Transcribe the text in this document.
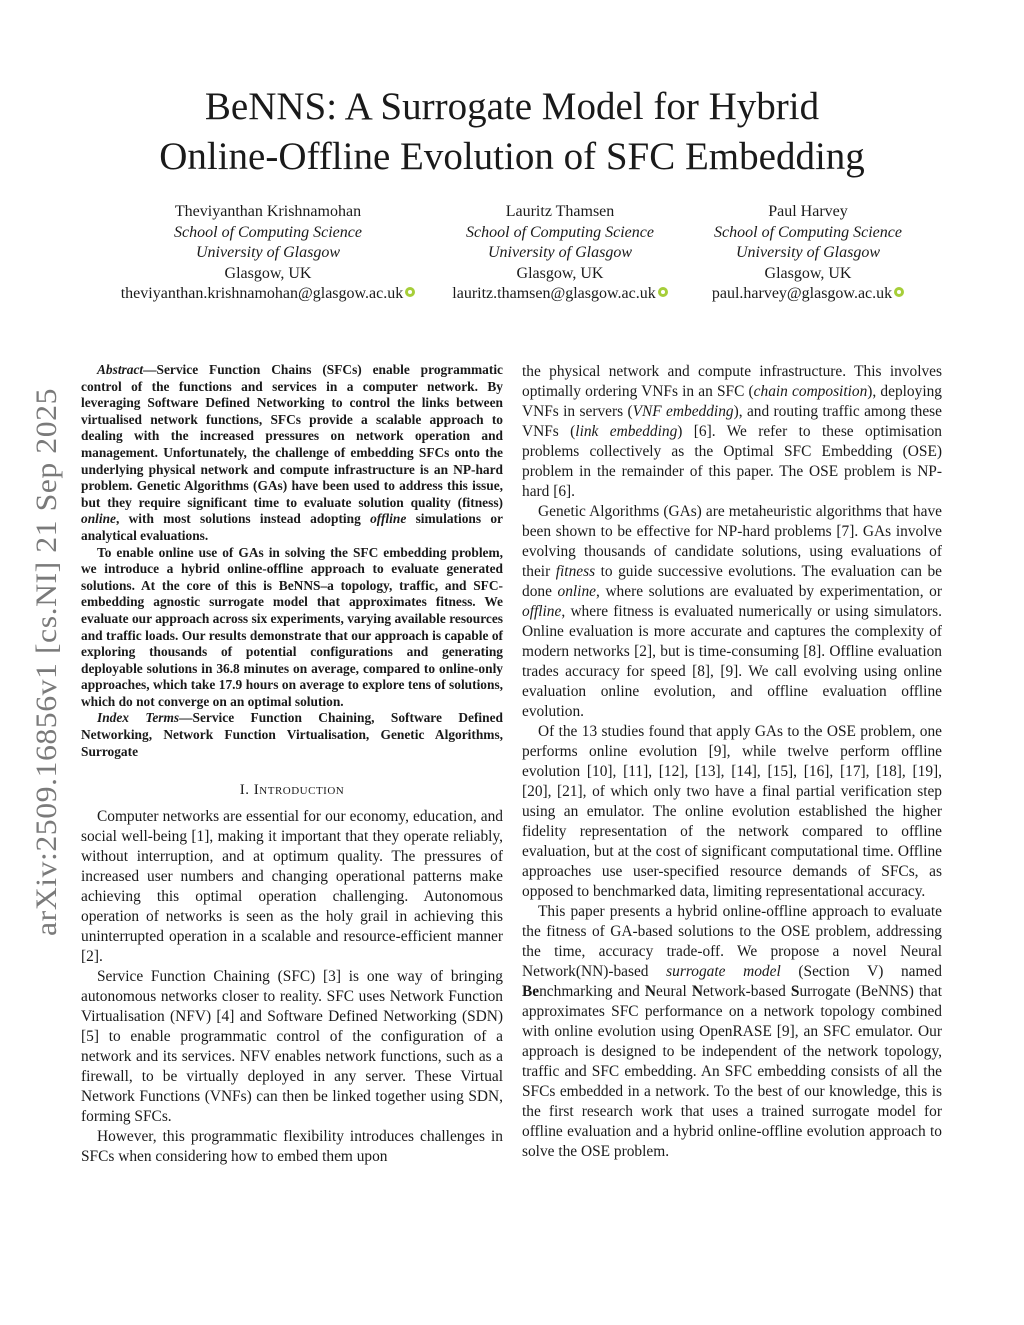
arXiv:2509.16856v1 [cs.NI] 21 Sep 2025
BeNNS: A Surrogate Model for Hybrid
Online-Offline Evolution of SFC Embedding
Theviyanthan Krishnamohan
School of Computing Science
University of Glasgow
Glasgow, UK
theviyanthan.krishnamohan@glasgow.ac.uk
Lauritz Thamsen
School of Computing Science
University of Glasgow
Glasgow, UK
lauritz.thamsen@glasgow.ac.uk
Paul Harvey
School of Computing Science
University of Glasgow
Glasgow, UK
paul.harvey@glasgow.ac.uk

Abstract—Service Function Chains (SFCs) enable programmatic control of the functions and services in a computer network. By leveraging Software Defined Networking to control the links between virtualised network functions, SFCs provide a scalable approach to dealing with the increased pressures on network operation and management. Unfortunately, the challenge of embedding SFCs onto the underlying physical network and compute infrastructure is an NP-hard problem. Genetic Algorithms (GAs) have been used to address this issue, but they require significant time to evaluate solution quality (fitness) online, with most solutions instead adopting offline simulations or analytical evaluations.

To enable online use of GAs in solving the SFC embedding problem, we introduce a hybrid online-offline approach to evaluate generated solutions. At the core of this is BeNNS–a topology, traffic, and SFC-embedding agnostic surrogate model that approximates fitness. We evaluate our approach across six experiments, varying available resources and traffic loads. Our results demonstrate that our approach is capable of exploring thousands of potential configurations and generating deployable solutions in 36.8 minutes on average, compared to online-only approaches, which take 17.9 hours on average to explore tens of solutions, which do not converge on an optimal solution.

Index Terms—Service Function Chaining, Software Defined Networking, Network Function Virtualisation, Genetic Algorithms, Surrogate

I. Introduction

Computer networks are essential for our economy, education, and social well-being [1], making it important that they operate reliably, without interruption, and at optimum quality. The pressures of increased user numbers and changing operational patterns make achieving this optimal operation challenging. Autonomous operation of networks is seen as the holy grail in achieving this uninterrupted operation in a scalable and resource-efficient manner [2].

Service Function Chaining (SFC) [3] is one way of bringing autonomous networks closer to reality. SFC uses Network Function Virtualisation (NFV) [4] and Software Defined Networking (SDN) [5] to enable programmatic control of the configuration of a network and its services. NFV enables network functions, such as a firewall, to be virtually deployed in any server. These Virtual Network Functions (VNFs) can then be linked together using SDN, forming SFCs.

However, this programmatic flexibility introduces challenges in SFCs when considering how to embed them upon

the physical network and compute infrastructure. This involves optimally ordering VNFs in an SFC (chain composition), deploying VNFs in servers (VNF embedding), and routing traffic among these VNFs (link embedding) [6]. We refer to these optimisation problems collectively as the Optimal SFC Embedding (OSE) problem in the remainder of this paper. The OSE problem is NP-hard [6].

Genetic Algorithms (GAs) are metaheuristic algorithms that have been shown to be effective for NP-hard problems [7]. GAs involve evolving thousands of candidate solutions, using evaluations of their fitness to guide successive evolutions. The evaluation can be done online, where solutions are evaluated by experimentation, or offline, where fitness is evaluated numerically or using simulators. Online evaluation is more accurate and captures the complexity of modern networks [2], but is time-consuming [8]. Offline evaluation trades accuracy for speed [8], [9]. We call evolving using online evaluation online evolution, and offline evaluation offline evolution.

Of the 13 studies found that apply GAs to the OSE problem, one performs online evolution [9], while twelve perform offline evolution [10], [11], [12], [13], [14], [15], [16], [17], [18], [19], [20], [21], of which only two have a final partial verification step using an emulator. The online evolution established the higher fidelity representation of the network compared to offline evaluation, but at the cost of significant computational time. Offline approaches use user-specified resource demands of SFCs, as opposed to benchmarked data, limiting representational accuracy.

This paper presents a hybrid online-offline approach to evaluate the fitness of GA-based solutions to the OSE problem, addressing the time, accuracy trade-off. We propose a novel Neural Network(NN)-based surrogate model (Section V) named Benchmarking and Neural Network-based Surrogate (BeNNS) that approximates SFC performance on a network topology combined with online evolution using OpenRASE [9], an SFC emulator. Our approach is designed to be independent of the network topology, traffic and SFC embedding. An SFC embedding consists of all the SFCs embedded in a network. To the best of our knowledge, this is the first research work that uses a trained surrogate model for offline evaluation and a hybrid online-offline evolution approach to solve the OSE problem.
